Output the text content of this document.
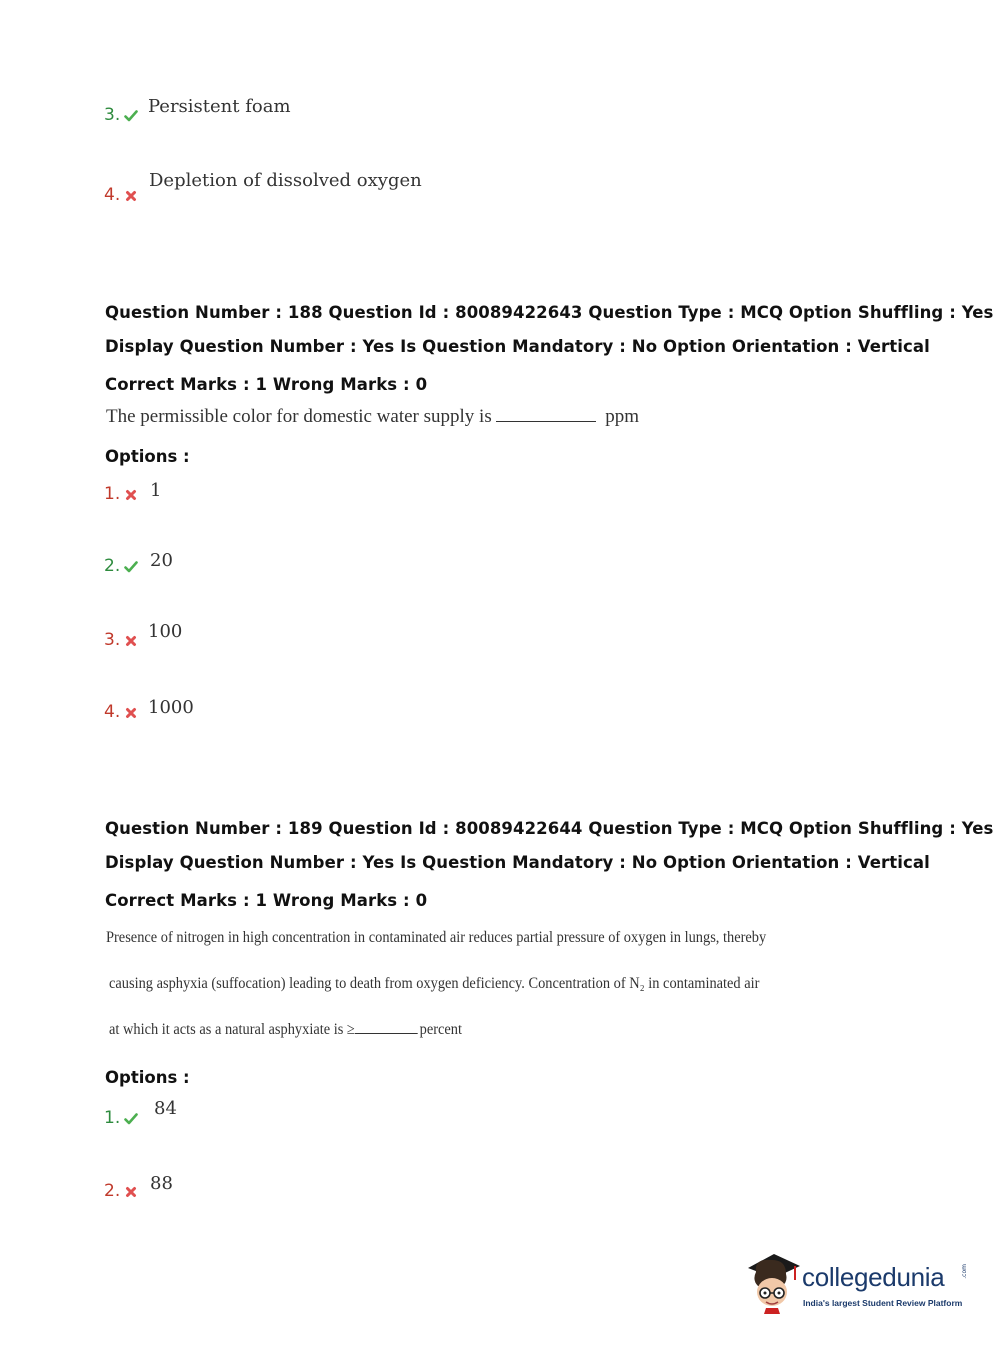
3.	Persistent foam
4.
Depletion of dissolved oxygen
Question Number : 188 Question Id : 80089422643 Question Type : MCQ Option Shuffling : Yes
Display Question Number : Yes Is Question Mandatory : No Option Orientation : Vertical
Correct Marks : 1 Wrong Marks : 0
The permissible color for domestic water supply is	ppm
Options :
1.	1
2.	20
3.	100
4.	1000
Question Number : 189 Question Id : 80089422644 Question Type : MCQ Option Shuffling : Yes
Display Question Number : Yes Is Question Mandatory : No Option Orientation : Vertical
Correct Marks : 1 Wrong Marks : 0
Presence of nitrogen in high concentration in contaminated air reduces partial pressure of oxygen in lungs, thereby
causing asphyxia (suffocation) leading to death from oxygen deficiency. Concentration of N₂ in contaminated air
at which it acts as a natural asphyxiate is ≥	percent
Options :
1.	84
2.	88
collegedunia	.com
India's largest Student Review Platform
